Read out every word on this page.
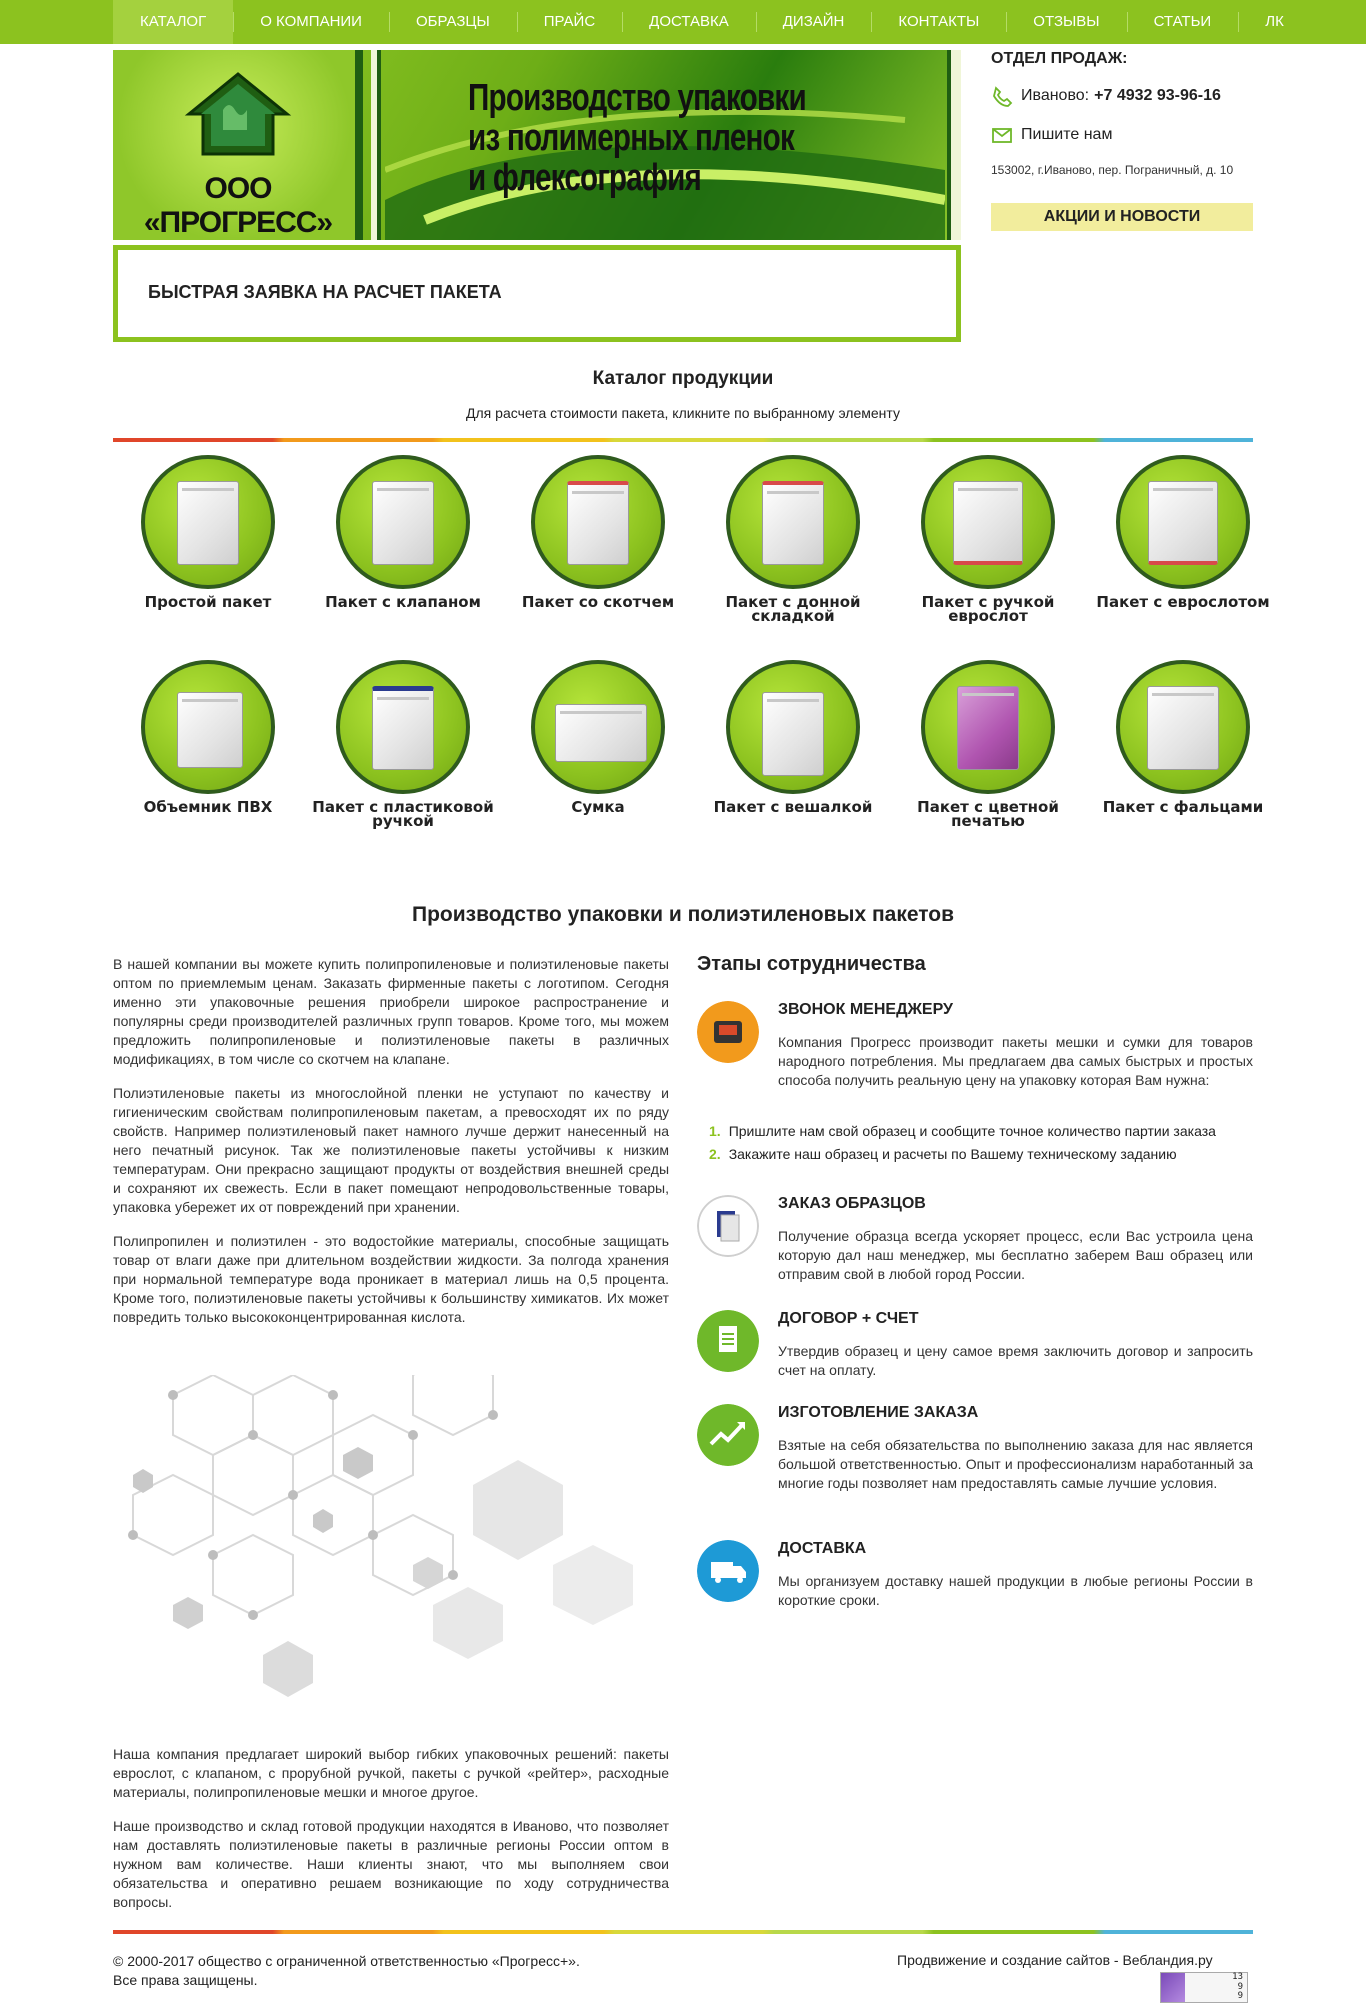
КАТАЛОГ	О КОМПАНИИ	ОБРАЗЦЫ	ПРАЙС	ДОСТАВКА	ДИЗАЙН	КОНТАКТЫ	ОТЗЫВЫ	СТАТЬИ	ЛК
ООО «ПРОГРЕСС»
Производство упаковки
из полимерных пленок
и флексография
ОТДЕЛ ПРОДАЖ:
Иваново: +7 4932 93-96-16
Пишите нам
153002, г.Иваново, пер. Пограничный, д. 10
АКЦИИ И НОВОСТИ
БЫСТРАЯ ЗАЯВКА НА РАСЧЕТ ПАКЕТА
Каталог продукции
Для расчета стоимости пакета, кликните по выбранному элементу
Простой пакет	Пакет с клапаном	Пакет со скотчем	Пакет с донной складкой
Пакет с ручкой еврослот
Пакет с еврослотом
Объемник ПВХ	Пакет с пластиковой ручкой
Сумка	Пакет с вешалкой	Пакет с цветной печатью
Пакет с фальцами
Производство упаковки и полиэтиленовых пакетов

В нашей компании вы можете купить полипропиленовые и полиэтиленовые пакеты оптом по приемлемым ценам. Заказать фирменные пакеты с логотипом. Сегодня именно эти упаковочные решения приобрели широкое распространение и популярны среди производителей различных групп товаров. Кроме того, мы можем предложить полипропиленовые и полиэтиленовые пакеты в различных модификациях, в том числе со скотчем на клапане.

Полиэтиленовые пакеты из многослойной пленки не уступают по качеству и гигиеническим свойствам полипропиленовым пакетам, а превосходят их по ряду свойств. Например полиэтиленовый пакет намного лучше держит нанесенный на него печатный рисунок. Так же полиэтиленовые пакеты устойчивы к низким температурам. Они прекрасно защищают продукты от воздействия внешней среды и сохраняют их свежесть. Если в пакет помещают непродовольственные товары, упаковка убережет их от повреждений при хранении.

Полипропилен и полиэтилен - это водостойкие материалы, способные защищать товар от влаги даже при длительном воздействии жидкости. За полгода хранения при нормальной температуре вода проникает в материал лишь на 0,5 процента. Кроме того, полиэтиленовые пакеты устойчивы к большинству химикатов. Их может повредить только высококонцентрированная кислота.

Наша компания предлагает широкий выбор гибких упаковочных решений: пакеты еврослот, с клапаном, с прорубной ручкой, пакеты с ручкой «рейтер», расходные материалы, полипропиленовые мешки и многое другое.

Наше производство и склад готовой продукции находятся в Иваново, что позволяет нам доставлять полиэтиленовые пакеты в различные регионы России оптом в нужном вам количестве. Наши клиенты знают, что мы выполняем свои обязательства и оперативно решаем возникающие по ходу сотрудничества вопросы.

Этапы сотрудничества
ЗВОНОК МЕНЕДЖЕРУ
Компания Прогресс производит пакеты мешки и сумки для товаров народного потребления. Мы предлагаем два самых быстрых и простых способа получить реальную цену на упаковку которая Вам нужна:
1. Пришлите нам свой образец и сообщите точное количество партии заказа
2. Закажите наш образец и расчеты по Вашему техническому заданию
ЗАКАЗ ОБРАЗЦОВ
Получение образца всегда ускоряет процесс, если Вас устроила цена которую дал наш менеджер, мы бесплатно заберем Ваш образец или отправим свой в любой город России.
ДОГОВОР + СЧЕТ
Утвердив образец и цену самое время заключить договор и запросить счет на оплату.
ИЗГОТОВЛЕНИЕ ЗАКАЗА
Взятые на себя обязательства по выполнению заказа для нас является большой ответственностью. Опыт и профессионализм наработанный за многие годы позволяет нам предоставлять самые лучшие условия.
ДОСТАВКА
Мы организуем доставку нашей продукции в любые регионы России в короткие сроки.
© 2000-2017 общество с ограниченной ответственностью «Прогресс+».
Все права защищены.
Продвижение и создание сайтов - Вебландия.ру
13
9
9
